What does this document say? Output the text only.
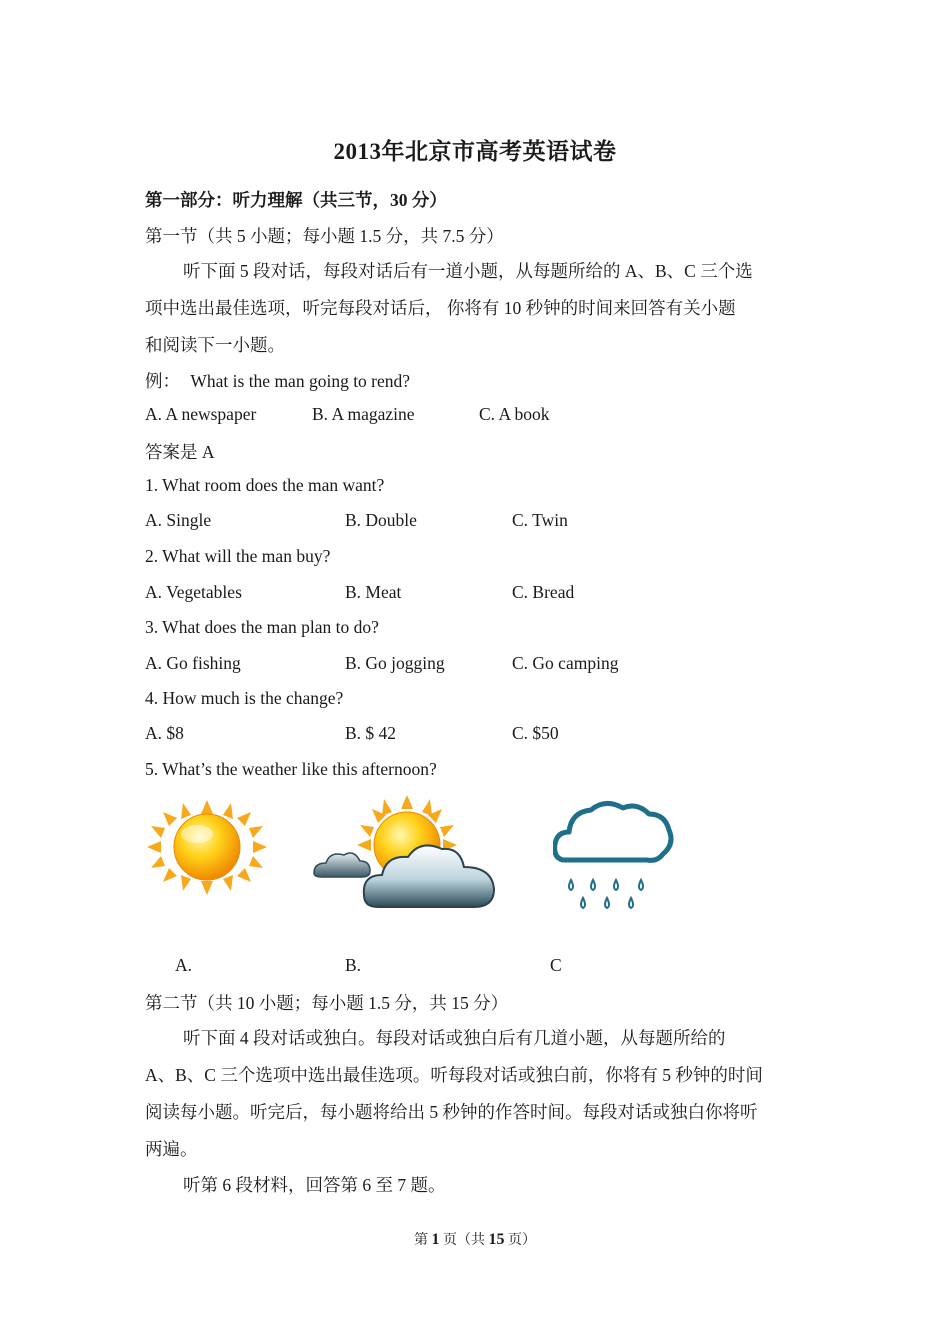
2013年北京市高考英语试卷
第一部分：听力理解（共三节，30 分）
第一节（共 5 小题；每小题 1.5 分，共 7.5 分）
听下面 5 段对话，每段对话后有一道小题，从每题所给的 A、B、C 三个选
项中选出最佳选项，听完每段对话后， 你将有 10 秒钟的时间来回答有关小题
和阅读下一小题。
例： What is the man going to rend?
A. A newspaper	B. A magazine	C. A book
答案是 A
1. What room does the man want?
A. Single	B. Double	C. Twin
2. What will the man buy?
A. Vegetables	B. Meat	C. Bread
3. What does the man plan to do?
A. Go fishing	B. Go jogging	C. Go camping
4. How much is the change?
A. $8	B. $ 42	C. $50
5. What’s the weather like this afternoon?
A.	B.	C
第二节（共 10 小题；每小题 1.5 分，共 15 分）
听下面 4 段对话或独白。每段对话或独白后有几道小题，从每题所给的
A、B、C 三个选项中选出最佳选项。听每段对话或独白前，你将有 5 秒钟的时间
阅读每小题。听完后，每小题将给出 5 秒钟的作答时间。每段对话或独白你将听
两遍。
听第 6 段材料，回答第 6 至 7 题。
第 1 页（共 15 页）
